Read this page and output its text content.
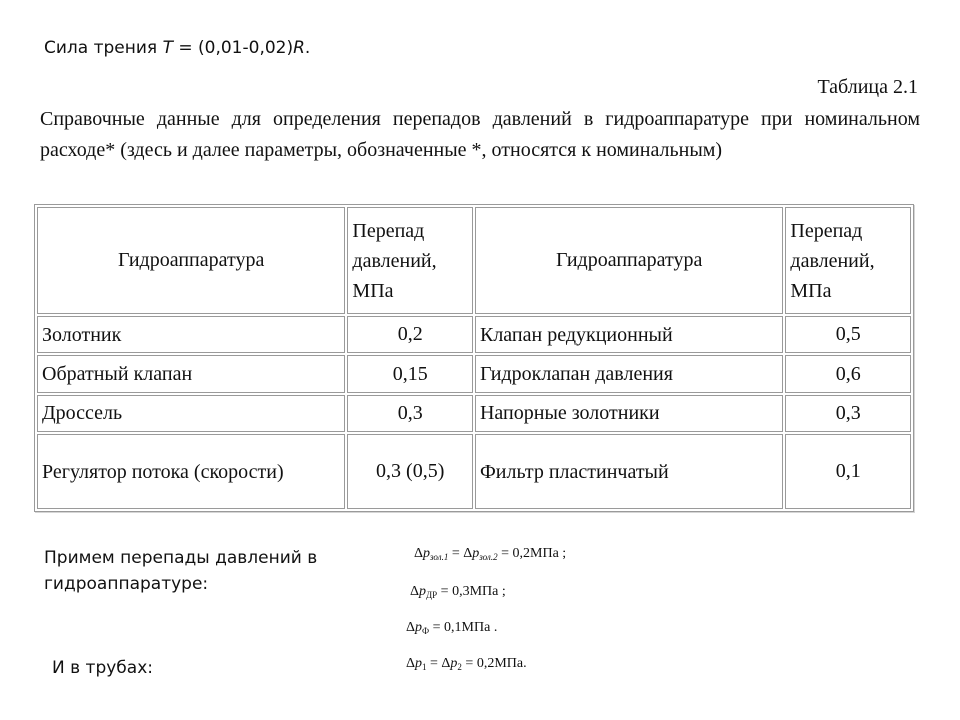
Сила трения T = (0,01-0,02)R.
Таблица 2.1
Справочные данные для определения перепадов давлений в гидроаппаратуре при номинальном расходе* (здесь и далее параметры, обозначенные *, относятся к номинальным)
Гидроаппаратура	Перепад давлений, МПа	Гидроаппаратура	Перепад давлений, МПа
Золотник	0,2	Клапан редукционный	0,5
Обратный клапан	0,15	Гидроклапан давления	0,6
Дроссель	0,3	Напорные золотники	0,3
Регулятор потока (скорости)	0,3 (0,5)	Фильтр пластинчатый	0,1
Примем перепады давлений в гидроаппаратуре:
И в трубах:
$\Delta p_{зол.1} = \Delta p_{зол.2} = 0,2МПа$ ;
$\Delta p_{ДР} = 0,3МПа$ ;
$\Delta p_Ф = 0,1МПа$ .
$\Delta p_1 = \Delta p_2 = 0,2МПа$.
